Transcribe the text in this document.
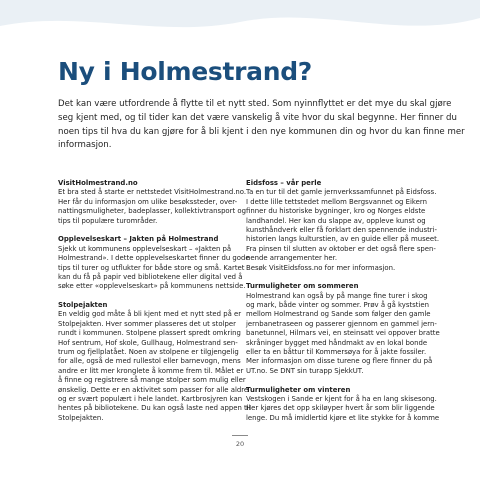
Ny i Holmestrand?
Det kan være utfordrende å flytte til et nytt sted. Som nyinnflyttet er det mye du skal gjøre
seg kjent med, og til tider kan det være vanskelig å vite hvor du skal begynne. Her finner du
noen tips til hva du kan gjøre for å bli kjent i den nye kommunen din og hvor du kan finne mer
informasjon.
VisitHolmestrand.no
Et bra sted å starte er nettstedet VisitHolmestrand.no.
Her får du informasjon om ulike besøkssteder, over-
nattingsmuligheter, badeplasser, kollektivtransport og
tips til populære turområder.
Opplevelseskart – Jakten på Holmestrand
Sjekk ut kommunens opplevelseskart – «Jakten på
Holmestrand». I dette opplevelseskartet finner du gode
tips til turer og utflukter for både store og små. Kartet
kan du få på papir ved bibliotekene eller digital ved å
søke etter «opplevelseskart» på kommunens nettside.
Stolpejakten
En veldig god måte å bli kjent med et nytt sted på er
Stolpejakten. Hver sommer plasseres det ut stolper
rundt i kommunen. Stolpene plassert spredt omkring
Hof sentrum, Hof skole, Gullhaug, Holmestrand sen-
trum og fjellplatået. Noen av stolpene er tilgjengelig
for alle, også de med rullestol eller barnevogn, mens
andre er litt mer kronglete å komme frem til. Målet er
å finne og registrere så mange stolper som mulig eller
ønskelig. Dette er en aktivitet som passer for alle aldre
og er svært populært i hele landet. Kartbrosjyren kan
hentes på bibliotekene. Du kan også laste ned appen til
Stolpejakten.
Eidsfoss – vår perle
Ta en tur til det gamle jernverkssamfunnet på Eidsfoss.
I dette lille tettstedet mellom Bergsvannet og Eikern
finner du historiske bygninger, kro og Norges eldste
landhandel. Her kan du slappe av, oppleve kunst og
kunsthåndverk eller få forklart den spennende industri-
historien langs kulturstien, av en guide eller på museet.
Fra pinsen til slutten av oktober er det også flere spen-
nende arrangementer her.
Besøk VisitEidsfoss.no for mer informasjon.
Turmuligheter om sommeren
Holmestrand kan også by på mange fine turer i skog
og mark, både vinter og sommer. Prøv å gå kyststien
mellom Holmestrand og Sande som følger den gamle
jernbanetraseen og passerer gjennom en gammel jern-
banetunnel, Hilmars vei, en steinsatt vei oppover bratte
skråninger bygget med håndmakt av en lokal bonde
eller ta en båttur til Kommersøya for å jakte fossiler.
Mer informasjon om disse turene og flere finner du på
UT.no. Se DNT sin turapp SjekkUT.
Turmuligheter om vinteren
Vestskogen i Sande er kjent for å ha en lang skisesong.
Her kjøres det opp skiløyper hvert år som blir liggende
lenge. Du må imidlertid kjøre et lite stykke for å komme
20
